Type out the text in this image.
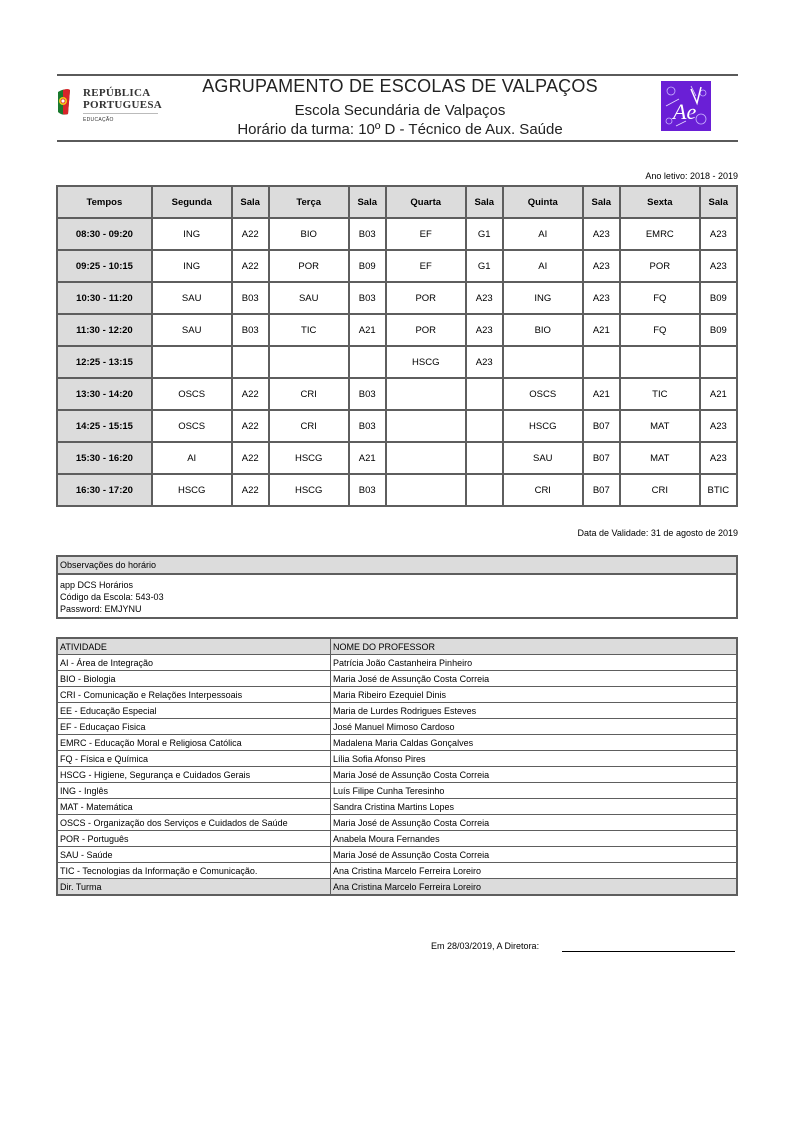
REPÚBLICA
PORTUGUESA
EDUCAÇÃO
AGRUPAMENTO DE ESCOLAS DE VALPAÇOS
Escola Secundária de Valpaços
Horário da turma: 10º D - Técnico de Aux. Saúde
Ae
Ano letivo: 2018 - 2019
Tempos	Segunda	Sala	Terça	Sala	Quarta	Sala	Quinta	Sala	Sexta	Sala
08:30 - 09:20	ING	A22	BIO	B03	EF	G1	AI	A23	EMRC	A23
09:25 - 10:15	ING	A22	POR	B09	EF	G1	AI	A23	POR	A23
10:30 - 11:20	SAU	B03	SAU	B03	POR	A23	ING	A23	FQ	B09
11:30 - 12:20	SAU	B03	TIC	A21	POR	A23	BIO	A21	FQ	B09
12:25 - 13:15					HSCG	A23				
13:30 - 14:20	OSCS	A22	CRI	B03			OSCS	A21	TIC	A21
14:25 - 15:15	OSCS	A22	CRI	B03			HSCG	B07	MAT	A23
15:30 - 16:20	AI	A22	HSCG	A21			SAU	B07	MAT	A23
16:30 - 17:20	HSCG	A22	HSCG	B03			CRI	B07	CRI	BTIC
Data de Validade: 31 de agosto de 2019
Observações do horário
app DCS Horários
Código da Escola: 543-03
Password: EMJYNU
ATIVIDADE	NOME DO PROFESSOR
AI - Área de Integração	Patrícia João Castanheira Pinheiro
BIO - Biologia	Maria José de Assunção Costa Correia
CRI - Comunicação e Relações Interpessoais	Maria Ribeiro Ezequiel Dinis
EE - Educação Especial	Maria de Lurdes Rodrigues Esteves
EF - Educaçao Fisica	José Manuel Mimoso Cardoso
EMRC - Educação Moral e Religiosa Católica	Madalena Maria Caldas Gonçalves
FQ - Física e Química	Lília Sofia Afonso Pires
HSCG - Higiene, Segurança e Cuidados Gerais	Maria José de Assunção Costa Correia
ING - Inglês	Luís Filipe Cunha Teresinho
MAT - Matemática	Sandra Cristina Martins Lopes
OSCS - Organização dos Serviços e Cuidados de Saúde	Maria José de Assunção Costa Correia
POR - Português	Anabela Moura Fernandes
SAU - Saúde	Maria José de Assunção Costa Correia
TIC - Tecnologias da Informação e Comunicação.	Ana Cristina Marcelo Ferreira Loreiro
Dir. Turma	Ana Cristina Marcelo Ferreira Loreiro
Em 28/03/2019, A Diretora:
